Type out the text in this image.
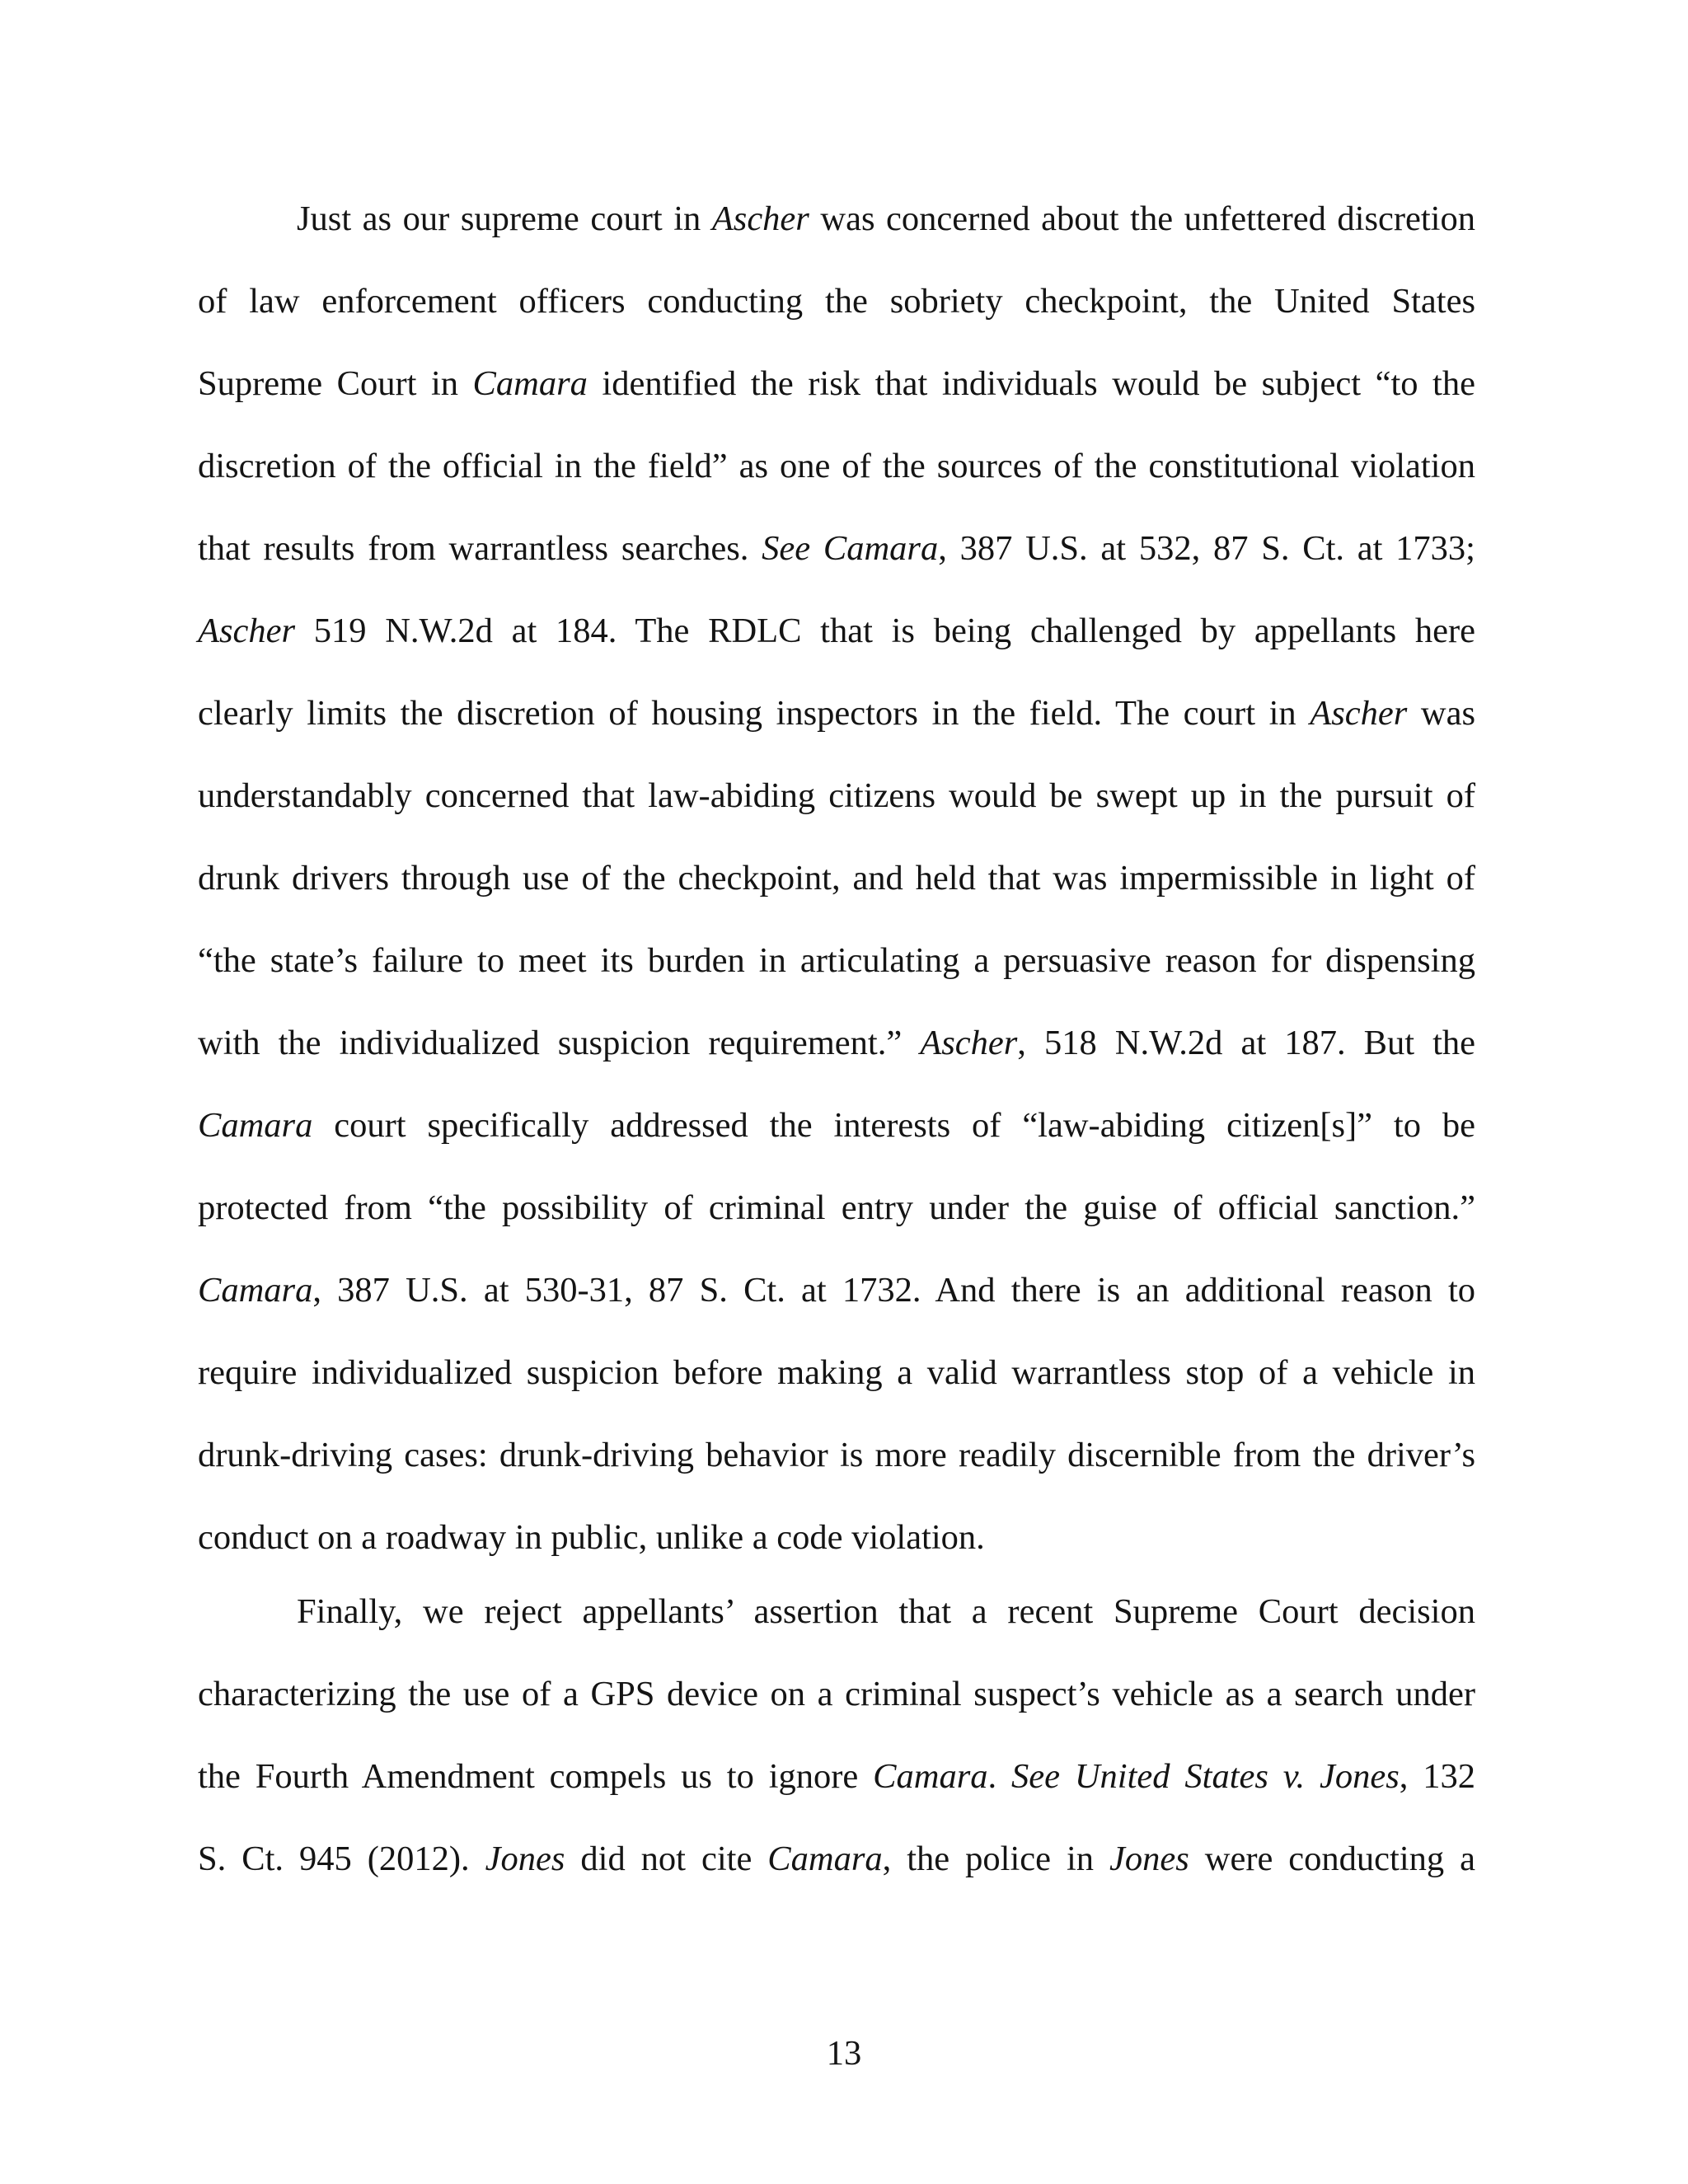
Just as our supreme court in Ascher was concerned about the unfettered discretion
of law enforcement officers conducting the sobriety checkpoint, the United States
Supreme Court in Camara identified the risk that individuals would be subject “to the
discretion of the official in the field” as one of the sources of the constitutional violation
that results from warrantless searches. See Camara, 387 U.S. at 532, 87 S. Ct. at 1733;
Ascher 519 N.W.2d at 184. The RDLC that is being challenged by appellants here
clearly limits the discretion of housing inspectors in the field. The court in Ascher was
understandably concerned that law-abiding citizens would be swept up in the pursuit of
drunk drivers through use of the checkpoint, and held that was impermissible in light of
“the state’s failure to meet its burden in articulating a persuasive reason for dispensing
with the individualized suspicion requirement.” Ascher, 518 N.W.2d at 187. But the
Camara court specifically addressed the interests of “law-abiding citizen[s]” to be
protected from “the possibility of criminal entry under the guise of official sanction.”
Camara, 387 U.S. at 530-31, 87 S. Ct. at 1732. And there is an additional reason to
require individualized suspicion before making a valid warrantless stop of a vehicle in
drunk-driving cases: drunk-driving behavior is more readily discernible from the driver’s
conduct on a roadway in public, unlike a code violation.
Finally, we reject appellants’ assertion that a recent Supreme Court decision
characterizing the use of a GPS device on a criminal suspect’s vehicle as a search under
the Fourth Amendment compels us to ignore Camara. See United States v. Jones, 132
S. Ct. 945 (2012). Jones did not cite Camara, the police in Jones were conducting a
13
